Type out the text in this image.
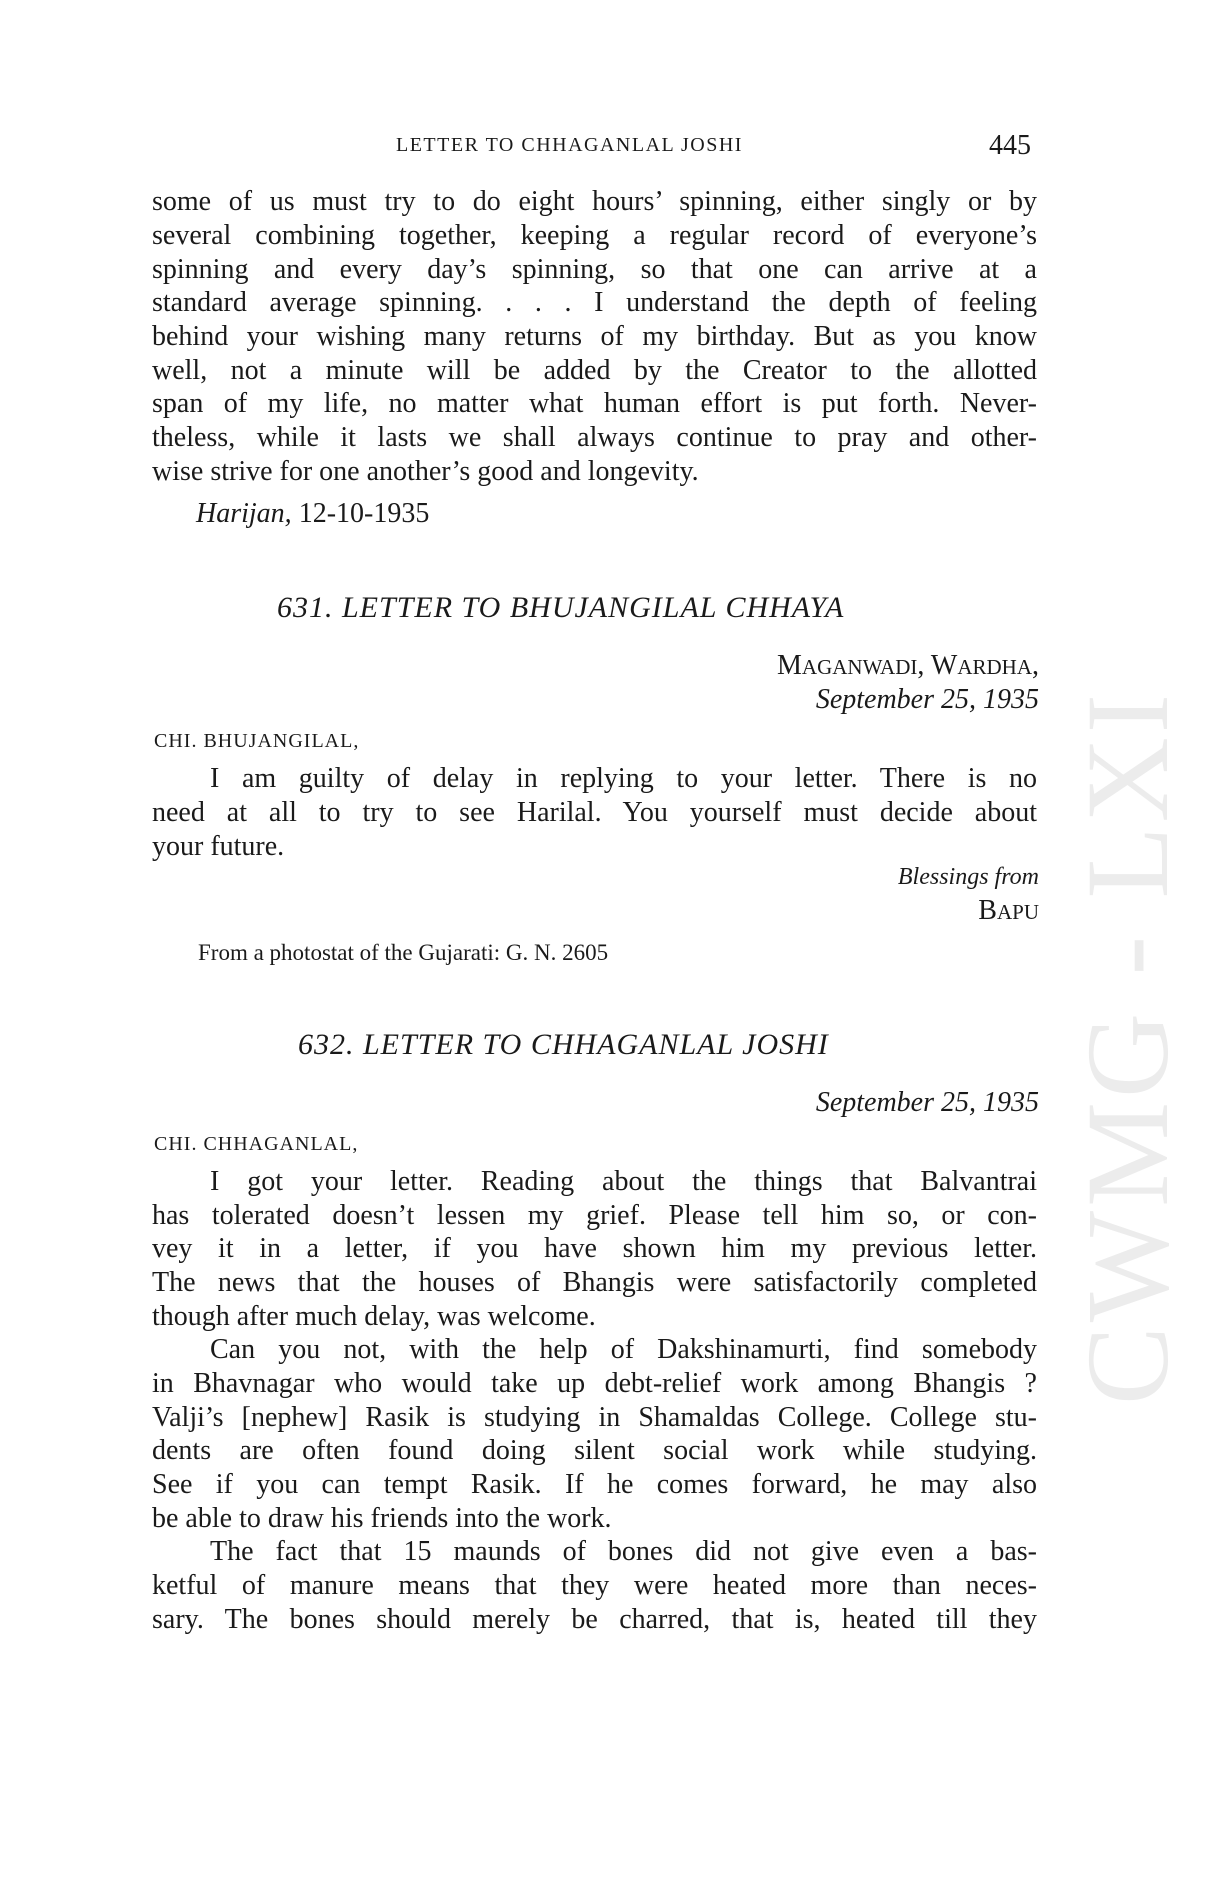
CWMG - LXI
LETTER TO CHHAGANLAL JOSHI	445
some of us must try to do eight hours’ spinning, either singly or by
several combining together, keeping a regular record of everyone’s
spinning and every day’s spinning, so that one can arrive at a
standard average spinning. . . . I understand the depth of feeling
behind your wishing many returns of my birthday. But as you know
well, not a minute will be added by the Creator to the allotted
span of my life, no matter what human effort is put forth. Never-
theless, while it lasts we shall always continue to pray and other-
wise strive for one another’s good and longevity.
Harijan, 12-10-1935
631. LETTER TO BHUJANGILAL CHHAYA
MAGANWADI, WARDHA,
September 25, 1935
CHI. BHUJANGILAL,
I am guilty of delay in replying to your letter. There is no
need at all to try to see Harilal. You yourself must decide about
your future.
Blessings from
BAPU
From a photostat of the Gujarati: G. N. 2605
632. LETTER TO CHHAGANLAL JOSHI
September 25, 1935
CHI. CHHAGANLAL,
I got your letter. Reading about the things that Balvantrai
has tolerated doesn’t lessen my grief. Please tell him so, or con-
vey it in a letter, if you have shown him my previous letter.
The news that the houses of Bhangis were satisfactorily completed
though after much delay, was welcome.
Can you not, with the help of Dakshinamurti, find somebody
in Bhavnagar who would take up debt-relief work among Bhangis ?
Valji’s [nephew] Rasik is studying in Shamaldas College. College stu-
dents are often found doing silent social work while studying.
See if you can tempt Rasik. If he comes forward, he may also
be able to draw his friends into the work.
The fact that 15 maunds of bones did not give even a bas-
ketful of manure means that they were heated more than neces-
sary. The bones should merely be charred, that is, heated till they
